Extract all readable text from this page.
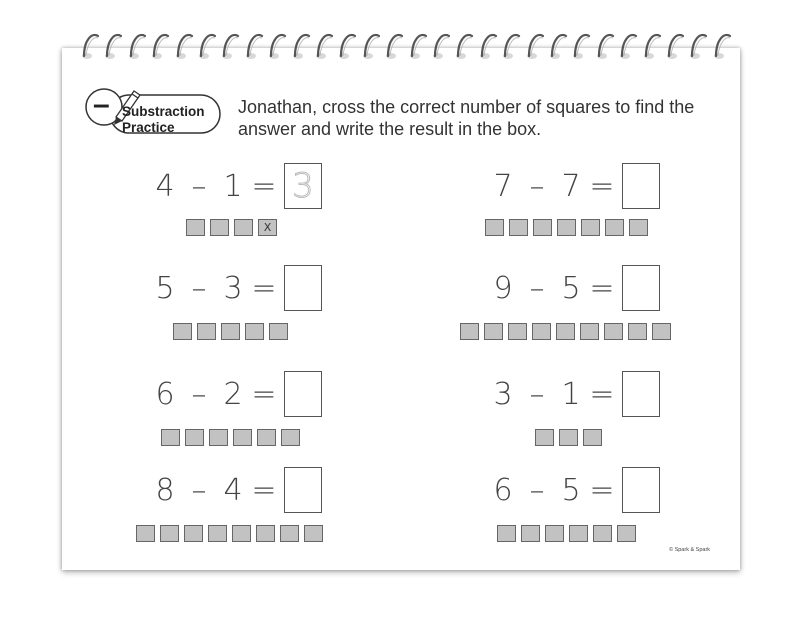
– Substraction
Practice
Jonathan, cross the correct number of squares to find the answer and write the result in the box.
4 – 1 = 3
X
7 – 7 =
5 – 3 =	9 – 5 =
6 – 2 =	3 – 1 =
8 – 4 =	6 – 5 =
© Spark & Spark
